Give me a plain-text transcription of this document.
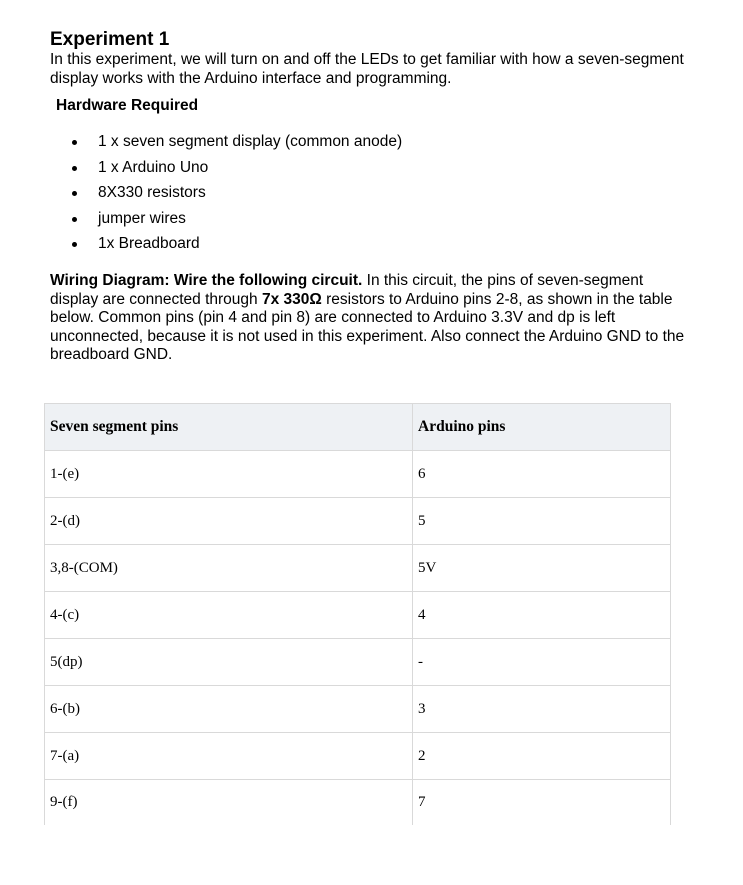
Experiment 1
In this experiment, we will turn on and off the LEDs to get familiar with how a seven-segment display works with the Arduino interface and programming.
Hardware Required
1 x seven segment display (common anode)
1 x Arduino Uno
8X330 resistors
jumper wires
1x Breadboard
Wiring Diagram: Wire the following circuit. In this circuit, the pins of seven-segment display are connected through 7x 330Ω resistors to Arduino pins 2-8, as shown in the table below. Common pins (pin 4 and pin 8) are connected to Arduino 3.3V and dp is left unconnected, because it is not used in this experiment. Also connect the Arduino GND to the breadboard GND.
Seven segment pins	Arduino pins
1-(e)	6
2-(d)	5
3,8-(COM)	5V
4-(c)	4
5(dp)	-
6-(b)	3
7-(a)	2
9-(f)	7
